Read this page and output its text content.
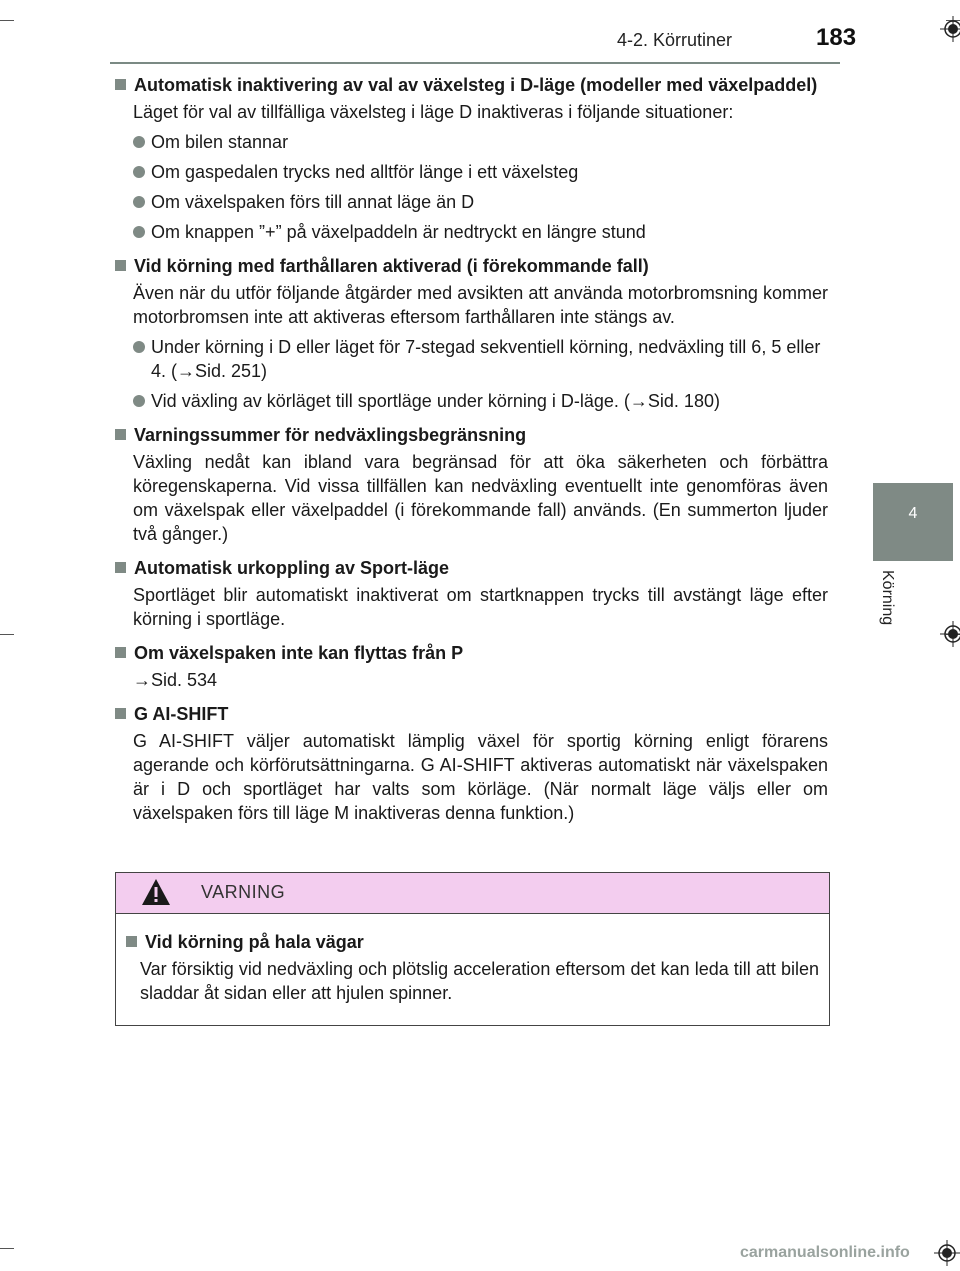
4-2. Körrutiner	183
4
Körning
Automatisk inaktivering av val av växelsteg i D-läge (modeller med växelpaddel)
Läget för val av tillfälliga växelsteg i läge D inaktiveras i följande situationer:
Om bilen stannar
Om gaspedalen trycks ned alltför länge i ett växelsteg
Om växelspaken förs till annat läge än D
Om knappen ”+” på växelpaddeln är nedtryckt en längre stund
Vid körning med farthållaren aktiverad (i förekommande fall)
Även när du utför följande åtgärder med avsikten att använda motorbromsning kommer motorbromsen inte att aktiveras eftersom farthållaren inte stängs av.
Under körning i D eller läget för 7-stegad sekventiell körning, nedväxling till 6, 5 eller 4. (→Sid. 251)
Vid växling av körläget till sportläge under körning i D-läge. (→Sid. 180)
Varningssummer för nedväxlingsbegränsning
Växling nedåt kan ibland vara begränsad för att öka säkerheten och förbättra köregenskaperna. Vid vissa tillfällen kan nedväxling eventuellt inte genomföras även om växelspak eller växelpaddel (i förekommande fall) används. (En summerton ljuder två gånger.)
Automatisk urkoppling av Sport-läge
Sportläget blir automatiskt inaktiverat om startknappen trycks till avstängt läge efter körning i sportläge.
Om växelspaken inte kan flyttas från P
→Sid. 534
G AI-SHIFT
G AI-SHIFT väljer automatiskt lämplig växel för sportig körning enligt förarens agerande och körförutsättningarna. G AI-SHIFT aktiveras automatiskt när växelspaken är i D och sportläget har valts som körläge. (När normalt läge väljs eller om växelspaken förs till läge M inaktiveras denna funktion.)
VARNING
Vid körning på hala vägar
Var försiktig vid nedväxling och plötslig acceleration eftersom det kan leda till att bilen sladdar åt sidan eller att hjulen spinner.
carmanualsonline.info
